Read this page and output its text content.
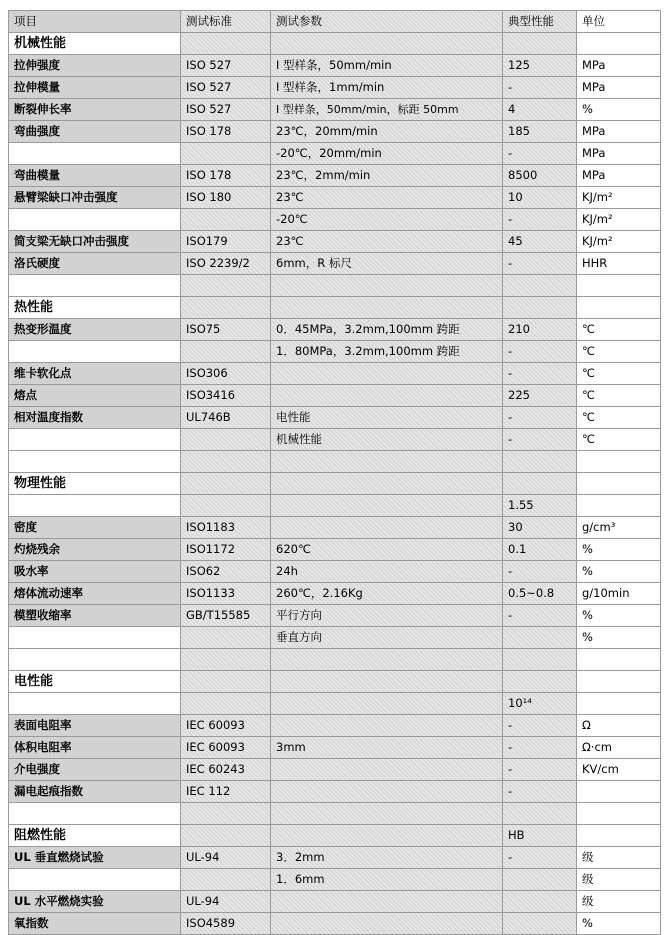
项目	测试标准	测试参数	典型性能	单位

机械性能				

拉伸强度	ISO 527	I 型样条，50mm/min	125	MPa

拉伸模量	ISO 527	I 型样条，1mm/min	-	MPa

断裂伸长率	ISO 527	I 型样条，50mm/min，标距 50mm	4	%

弯曲强度	ISO 178	23℃，20mm/min	185	MPa

		-20℃，20mm/min	-	MPa

弯曲模量	ISO 178	23℃，2mm/min	8500	MPa

悬臂梁缺口冲击强度	ISO 180	23℃	10	KJ/m²

		-20℃	-	KJ/m²

简支梁无缺口冲击强度	ISO179	23℃	45	KJ/m²

洛氏硬度	ISO 2239/2	6mm，R 标尺	-	HHR

热性能				

热变形温度	ISO75	0．45MPa，3.2mm,100mm 跨距	210	℃

		1．80MPa，3.2mm,100mm 跨距	-	℃

维卡软化点	ISO306		-	℃

熔点	ISO3416		225	℃

相对温度指数	UL746B	电性能	-	℃

		机械性能	-	℃

物理性能				

			1.55	

密度	ISO1183		30	g/cm³

灼烧残余	ISO1172	620℃	0.1	%

吸水率	ISO62	24h	-	%

熔体流动速率	ISO1133	260℃，2.16Kg	0.5~0.8	g/10min

模塑收缩率	GB/T15585	平行方向	-	%

		垂直方向		%

电性能				

			10¹⁴	

表面电阻率	IEC 60093		-	Ω

体积电阻率	IEC 60093	3mm	-	Ω·cm

介电强度	IEC 60243		-	KV/cm

漏电起痕指数	IEC 112		-	

阻燃性能			HB	

UL 垂直燃烧试验	UL-94	3．2mm	-	级

		1．6mm		级

UL 水平燃烧实验	UL-94			级

氧指数	ISO4589			%
